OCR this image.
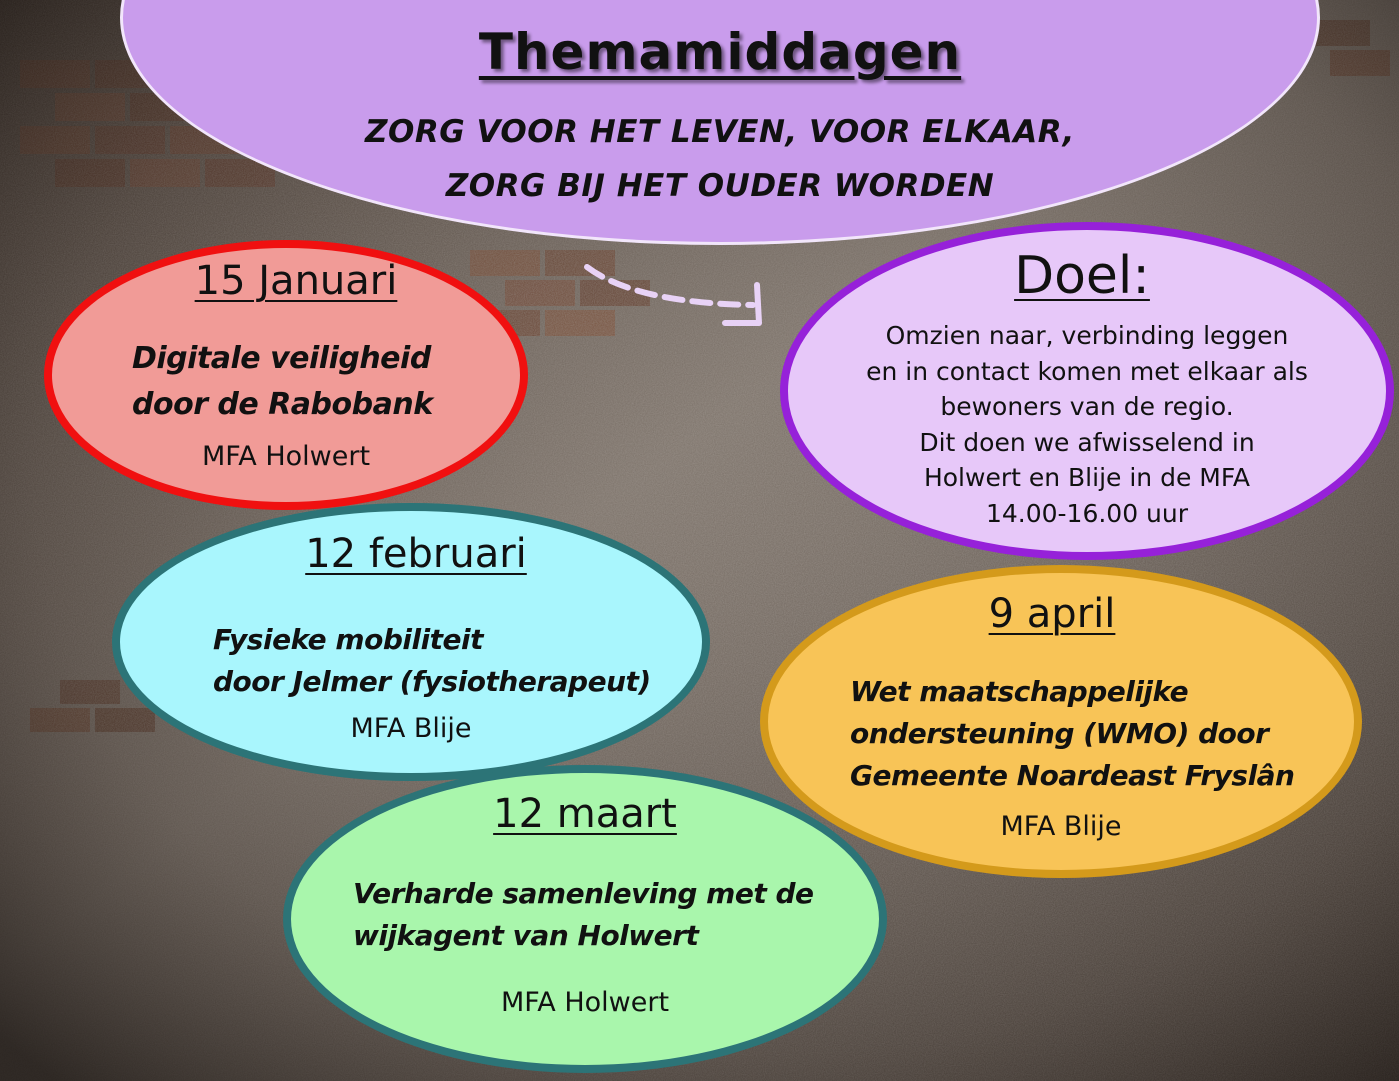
Themamiddagen
ZORG VOOR HET LEVEN, VOOR ELKAAR,
ZORG BIJ HET OUDER WORDEN
15 Januari
Digitale veiligheid
door de Rabobank
MFA Holwert
12 februari
Fysieke mobiliteit
door Jelmer (fysiotherapeut)
MFA Blije
12 maart
Verharde samenleving met de
wijkagent van Holwert
MFA Holwert
9 april
Wet maatschappelijke
ondersteuning (WMO) door
Gemeente Noardeast Fryslân
MFA Blije
Doel:
Omzien naar, verbinding leggen
en in contact komen met elkaar als
bewoners van de regio.
Dit doen we afwisselend in
Holwert en Blije in de MFA
14.00-16.00 uur
